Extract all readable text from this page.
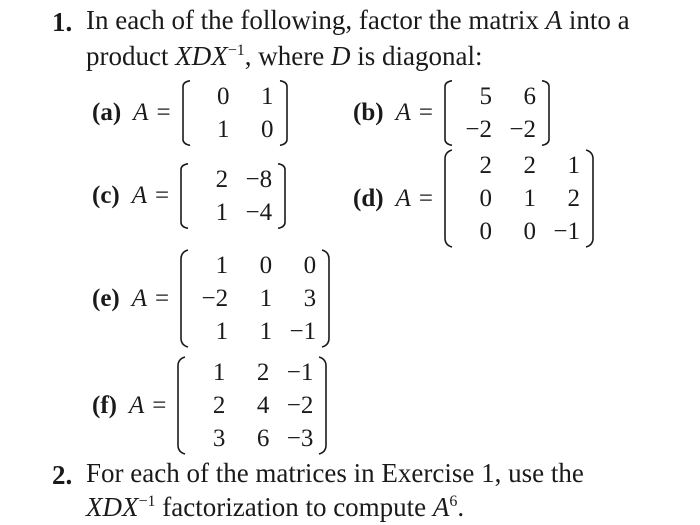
1. In each of the following, factor the matrix A into a
product $XDX^{-1}$, where D is diagonal:
(a) A =
0	1
1	0
(b) A =
5	6
−2 −2
(c) A =
2 −8
1 −4
(d) A =
2	2	1
0	1	2
0	0 −1
(e) A =
1	0	0
−2	1	3
1	1 −1
(f) A =
1	2 −1
2	4 −2
3	6 −3
2. For each of the matrices in Exercise 1, use the
$XDX^{-1}$ factorization to compute $A^6$.
